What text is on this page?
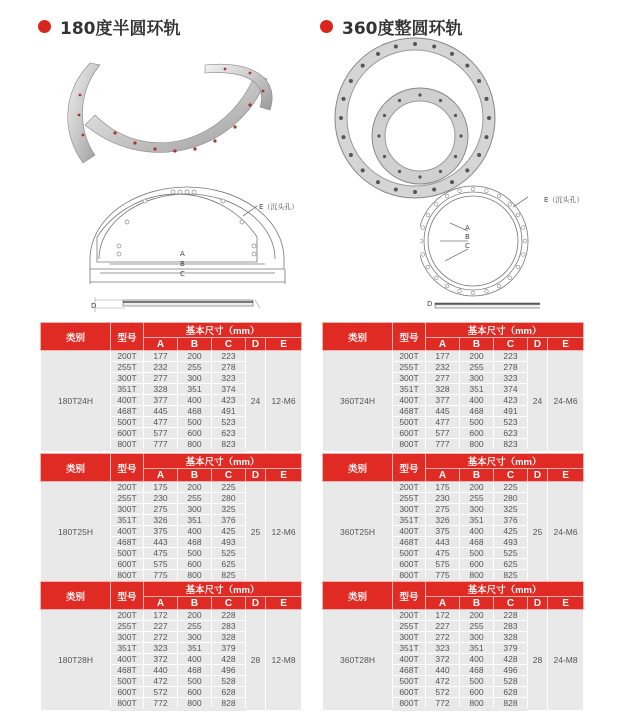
180度半圆环轨	360度整圆环轨
A
B
C
D
E（沉头孔）
A
B
C
D
E（沉头孔）
类别	型号	基本尺寸（mm）				
		A	B	C	D	E
180T24H	200T	177	200	223	24	12-M6
	255T	232	255	278		
	300T	277	300	323		
	351T	328	351	374		
	400T	377	400	423		
	468T	445	468	491		
	500T	477	500	523		
	600T	577	600	623		
	800T	777	800	823		
类别	型号	基本尺寸（mm）				
		A	B	C	D	E
360T24H	200T	177	200	223	24	24-M6
	255T	232	255	278		
	300T	277	300	323		
	351T	328	351	374		
	400T	377	400	423		
	468T	445	468	491		
	500T	477	500	523		
	600T	577	600	623		
	800T	777	800	823		
类别	型号	基本尺寸（mm）				
		A	B	C	D	E
180T25H	200T	175	200	225	25	12-M6
	255T	230	255	280		
	300T	275	300	325		
	351T	326	351	376		
	400T	375	400	425		
	468T	443	468	493		
	500T	475	500	525		
	600T	575	600	625		
	800T	775	800	825		
类别	型号	基本尺寸（mm）				
		A	B	C	D	E
360T25H	200T	175	200	225	25	24-M6
	255T	230	255	280		
	300T	275	300	325		
	351T	326	351	376		
	400T	375	400	425		
	468T	443	468	493		
	500T	475	500	525		
	600T	575	600	625		
	800T	775	800	825		
类别	型号	基本尺寸（mm）				
		A	B	C	D	E
180T28H	200T	172	200	228	28	12-M8
	255T	227	255	283		
	300T	272	300	328		
	351T	323	351	379		
	400T	372	400	428		
	468T	440	468	496		
	500T	472	500	528		
	600T	572	600	628		
	800T	772	800	828		
类别	型号	基本尺寸（mm）				
		A	B	C	D	E
360T28H	200T	172	200	228	28	24-M8
	255T	227	255	283		
	300T	272	300	328		
	351T	323	351	379		
	400T	372	400	428		
	468T	440	468	496		
	500T	472	500	528		
	600T	572	600	628		
	800T	772	800	828		
